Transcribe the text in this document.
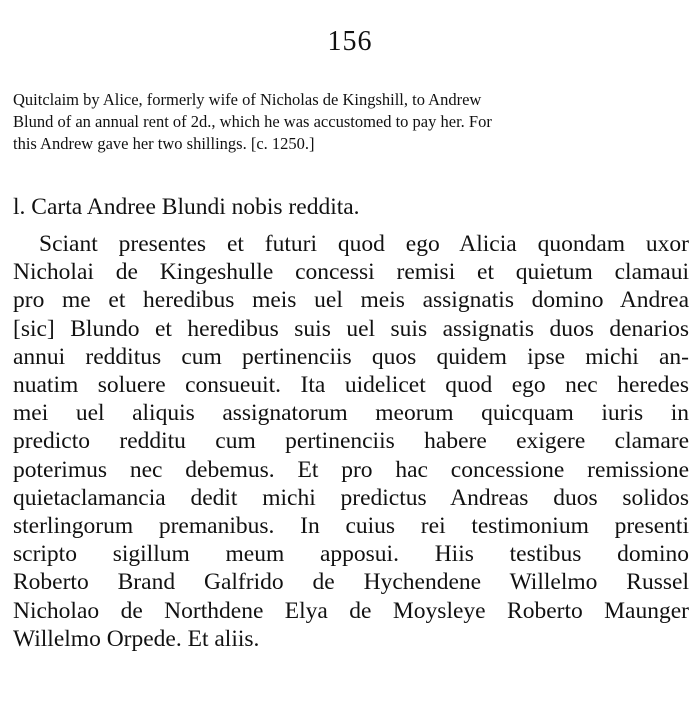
156
Quitclaim by Alice, formerly wife of Nicholas de Kingshill, to Andrew
Blund of an annual rent of 2d., which he was accustomed to pay her. For
this Andrew gave her two shillings. [c. 1250.]
l. Carta Andree Blundi nobis reddita.
Sciant presentes et futuri quod ego Alicia quondam uxor
Nicholai de Kingeshulle concessi remisi et quietum clamaui
pro me et heredibus meis uel meis assignatis domino Andrea
[sic] Blundo et heredibus suis uel suis assignatis duos denarios
annui redditus cum pertinenciis quos quidem ipse michi an-
nuatim soluere consueuit. Ita uidelicet quod ego nec heredes
mei uel aliquis assignatorum meorum quicquam iuris in
predicto redditu cum pertinenciis habere exigere clamare
poterimus nec debemus. Et pro hac concessione remissione
quietaclamancia dedit michi predictus Andreas duos solidos
sterlingorum premanibus. In cuius rei testimonium presenti
scripto sigillum meum apposui. Hiis testibus domino
Roberto Brand Galfrido de Hychendene Willelmo Russel
Nicholao de Northdene Elya de Moysleye Roberto Maunger
Willelmo Orpede. Et aliis.
